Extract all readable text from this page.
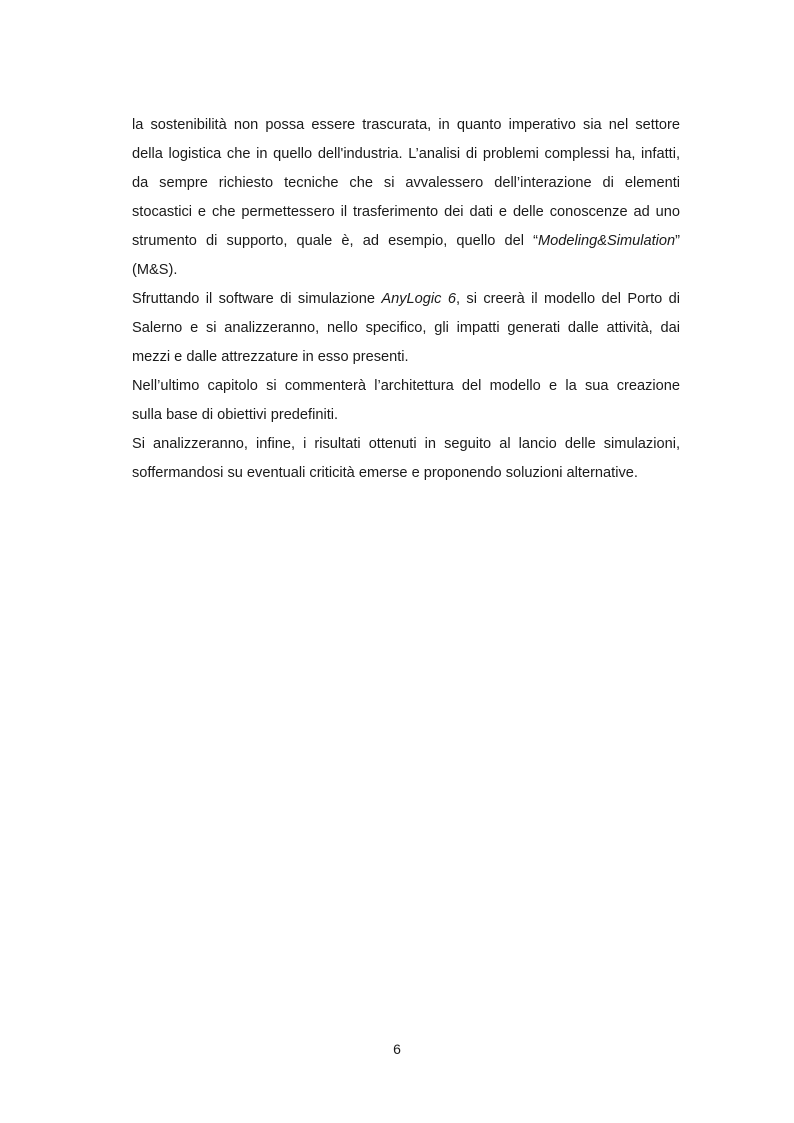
la sostenibilità non possa essere trascurata, in quanto imperativo sia nel settore
della logistica che in quello dell'industria. L’analisi di problemi complessi ha, infatti,
da sempre richiesto tecniche che si avvalessero dell’interazione di elementi
stocastici e che permettessero il trasferimento dei dati e delle conoscenze ad uno
strumento di supporto, quale è, ad esempio, quello del “Modeling&Simulation”
(M&S).
Sfruttando il software di simulazione AnyLogic 6, si creerà il modello del Porto di
Salerno e si analizzeranno, nello specifico, gli impatti generati dalle attività, dai
mezzi e dalle attrezzature in esso presenti.
Nell’ultimo capitolo si commenterà l’architettura del modello e la sua creazione
sulla base di obiettivi predefiniti.
Si analizzeranno, infine, i risultati ottenuti in seguito al lancio delle simulazioni,
soffermandosi su eventuali criticità emerse e proponendo soluzioni alternative.
6
